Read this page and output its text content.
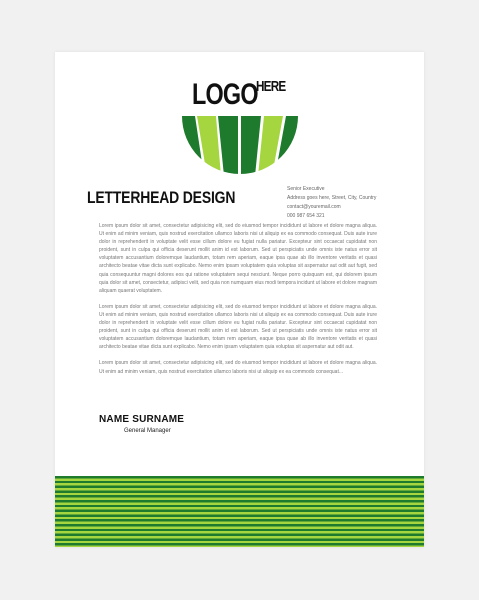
LOGO
HERE
LETTERHEAD DESIGN	Senior Executive
Address goes here, Street, City, Country
contact@youremail.com
000 987 654 321

Lorem ipsum dolor sit amet, consectetur adipisicing elit, sed do eiusmod tempor incididunt ut labore et dolore magna aliqua. Ut enim ad minim veniam, quis nostrud exercitation ullamco laboris nisi ut aliquip ex ea commodo consequat. Duis aute irure dolor in reprehenderit in voluptate velit esse cillum dolore eu fugiat nulla pariatur. Excepteur sint occaecat cupidatat non proident, sunt in culpa qui officia deserunt mollit anim id est laborum. Sed ut perspiciatis unde omnis iste natus error sit voluptatem accusantium doloremque laudantium, totam rem aperiam, eaque ipsa quae ab illo inventore veritatis et quasi architecto beatae vitae dicta sunt explicabo. Nemo enim ipsam voluptatem quia voluptas sit aspernatur aut odit aut fugit, sed quia consequuntur magni dolores eos qui ratione voluptatem sequi nesciunt. Neque porro quisquam est, qui dolorem ipsum quia dolor sit amet, consectetur, adipisci velit, sed quia non numquam eius modi tempora incidunt ut labore et dolore magnam aliquam quaerat voluptatem.

Lorem ipsum dolor sit amet, consectetur adipisicing elit, sed do eiusmod tempor incididunt ut labore et dolore magna aliqua. Ut enim ad minim veniam, quis nostrud exercitation ullamco laboris nisi ut aliquip ex ea commodo consequat. Duis aute irure dolor in reprehenderit in voluptate velit esse cillum dolore eu fugiat nulla pariatur. Excepteur sint occaecat cupidatat non proident, sunt in culpa qui officia deserunt mollit anim id est laborum. Sed ut perspiciatis unde omnis iste natus error sit voluptatem accusantium doloremque laudantium, totam rem aperiam, eaque ipsa quae ab illo inventore veritatis et quasi architecto beatae vitae dicta sunt explicabo. Nemo enim ipsam voluptatem quia voluptas sit aspernatur aut odit aut.

Lorem ipsum dolor sit amet, consectetur adipisicing elit, sed do eiusmod tempor incididunt ut labore et dolore magna aliqua. Ut enim ad minim veniam, quis nostrud exercitation ullamco laboris nisi ut aliquip ex ea commodo consequat...

NAME SURNAME
General Manager
